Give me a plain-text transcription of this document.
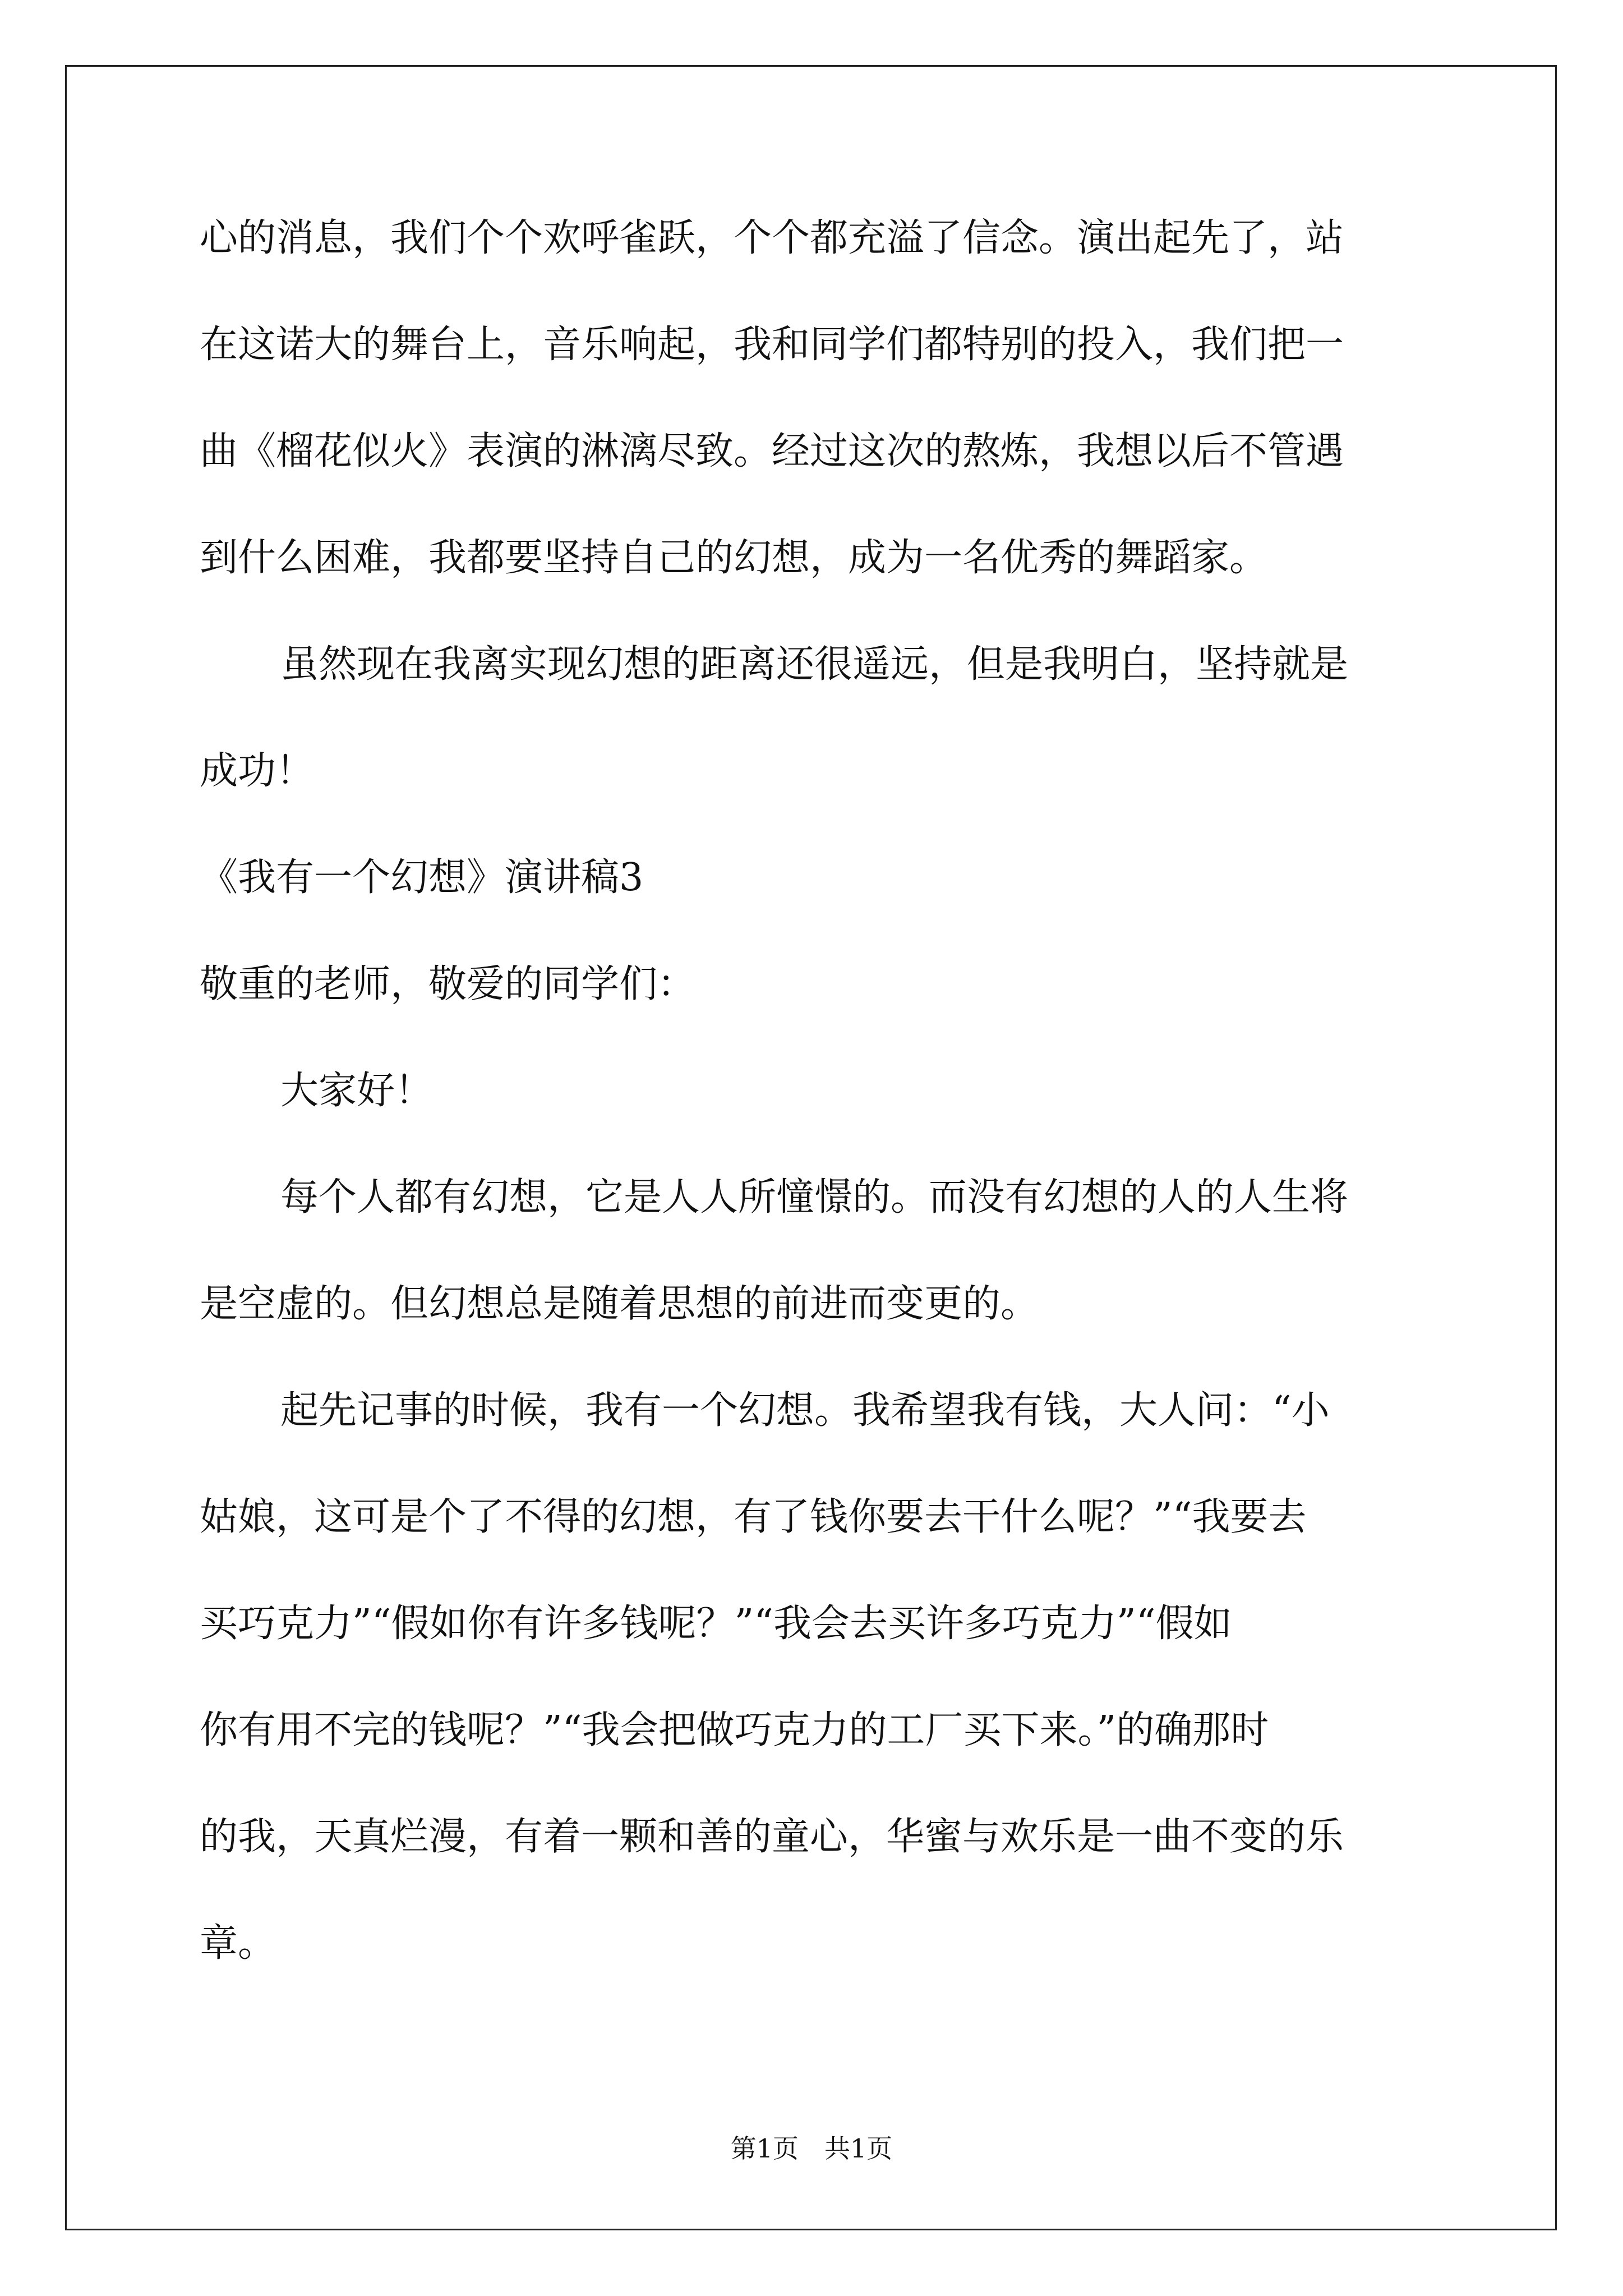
心的消息，我们个个欢呼雀跃，个个都充溢了信念。演出起先了，站
在这诺大的舞台上，音乐响起，我和同学们都特别的投入，我们把一
曲《榴花似火》表演的淋漓尽致。经过这次的熬炼，我想以后不管遇
到什么困难，我都要坚持自己的幻想，成为一名优秀的舞蹈家。
虽然现在我离实现幻想的距离还很遥远，但是我明白，坚持就是
成功！
《我有一个幻想》演讲稿3
敬重的老师，敬爱的同学们：
大家好！
每个人都有幻想，它是人人所憧憬的。而没有幻想的人的人生将
是空虚的。但幻想总是随着思想的前进而变更的。
起先记事的时候，我有一个幻想。我希望我有钱，大人问：“小
姑娘，这可是个了不得的幻想，有了钱你要去干什么呢？”“我要去
买巧克力”“假如你有许多钱呢？”“我会去买许多巧克力”“假如
你有用不完的钱呢？”“我会把做巧克力的工厂买下来。”的确那时
的我，天真烂漫，有着一颗和善的童心，华蜜与欢乐是一曲不变的乐
章。
第1页　共1页
